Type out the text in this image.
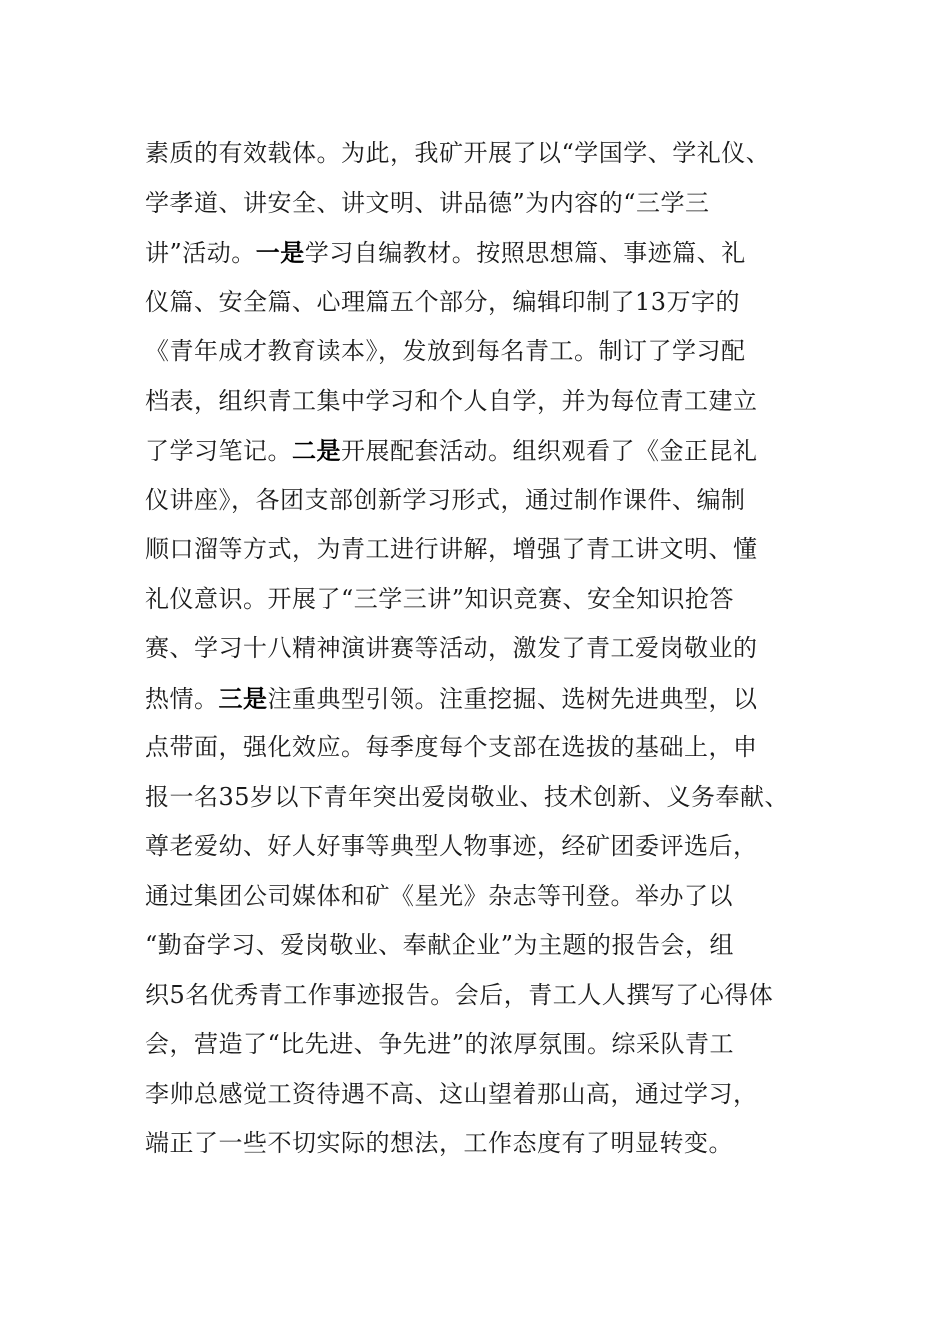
素质的有效载体。为此，我矿开展了以“学国学、学礼仪、
学孝道、讲安全、讲文明、讲品德”为内容的“三学三
讲”活动。一是学习自编教材。按照思想篇、事迹篇、礼
仪篇、安全篇、心理篇五个部分，编辑印制了13万字的
《青年成才教育读本》，发放到每名青工。制订了学习配
档表，组织青工集中学习和个人自学，并为每位青工建立
了学习笔记。二是开展配套活动。组织观看了《金正昆礼
仪讲座》，各团支部创新学习形式，通过制作课件、编制
顺口溜等方式，为青工进行讲解，增强了青工讲文明、懂
礼仪意识。开展了“三学三讲”知识竞赛、安全知识抢答
赛、学习十八精神演讲赛等活动，激发了青工爱岗敬业的
热情。三是注重典型引领。注重挖掘、选树先进典型，以
点带面，强化效应。每季度每个支部在选拔的基础上，申
报一名35岁以下青年突出爱岗敬业、技术创新、义务奉献、
尊老爱幼、好人好事等典型人物事迹，经矿团委评选后，
通过集团公司媒体和矿《星光》杂志等刊登。举办了以
“勤奋学习、爱岗敬业、奉献企业”为主题的报告会，组
织5名优秀青工作事迹报告。会后，青工人人撰写了心得体
会，营造了“比先进、争先进”的浓厚氛围。综采队青工
李帅总感觉工资待遇不高、这山望着那山高，通过学习，
端正了一些不切实际的想法，工作态度有了明显转变。
